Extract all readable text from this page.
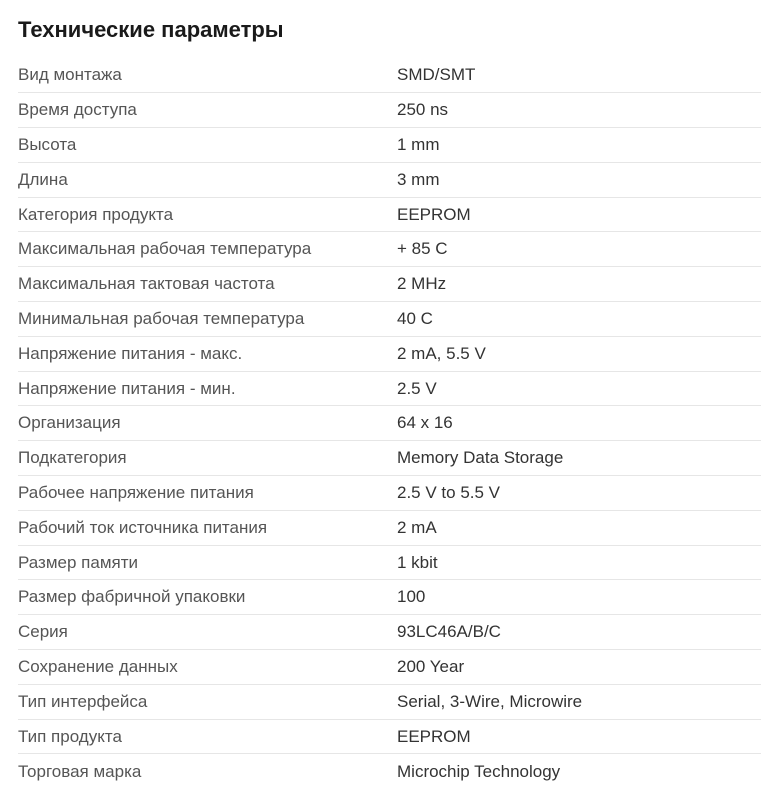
Технические параметры
Вид монтажа	SMD/SMT
Время доступа	250 ns
Высота	1 mm
Длина	3 mm
Категория продукта	EEPROM
Максимальная рабочая температура	+ 85 C
Максимальная тактовая частота	2 MHz
Минимальная рабочая температура	40 C
Напряжение питания - макс.	2 mA, 5.5 V
Напряжение питания - мин.	2.5 V
Организация	64 x 16
Подкатегория	Memory Data Storage
Рабочее напряжение питания	2.5 V to 5.5 V
Рабочий ток источника питания	2 mA
Размер памяти	1 kbit
Размер фабричной упаковки	100
Серия	93LC46A/B/C
Сохранение данных	200 Year
Тип интерфейса	Serial, 3-Wire, Microwire
Тип продукта	EEPROM
Торговая марка	Microchip Technology
